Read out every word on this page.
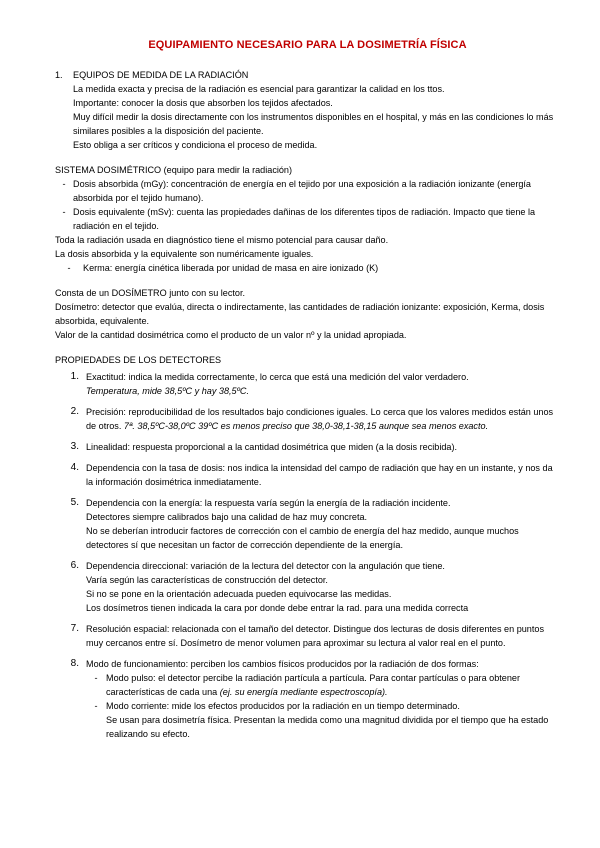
EQUIPAMIENTO NECESARIO PARA LA DOSIMETRÍA FÍSICA
1.	EQUIPOS DE MEDIDA DE LA RADIACIÓN

La medida exacta y precisa de la radiación es esencial para garantizar la calidad en los ttos.

Importante: conocer la dosis que absorben los tejidos afectados.

Muy difícil medir la dosis directamente con los instrumentos disponibles en el hospital, y más en las condiciones lo más similares posibles a la disposición del paciente.

Esto obliga a ser críticos y condiciona el proceso de medida.

SISTEMA DOSIMÉTRICO (equipo para medir la radiación)

- Dosis absorbida (mGy): concentración de energía en el tejido por una exposición a la radiación ionizante (energía absorbida por el tejido humano).
- Dosis equivalente (mSv): cuenta las propiedades dañinas de los diferentes tipos de radiación. Impacto que tiene la radiación en el tejido.

Toda la radiación usada en diagnóstico tiene el mismo potencial para causar daño.

La dosis absorbida y la equivalente son numéricamente iguales.

-	Kerma: energía cinética liberada por unidad de masa en aire ionizado (K)

Consta de un DOSÍMETRO junto con su lector.

Dosímetro: detector que evalúa, directa o indirectamente, las cantidades de radiación ionizante: exposición, Kerma, dosis absorbida, equivalente.

Valor de la cantidad dosimétrica como el producto de un valor nº y la unidad apropiada.

PROPIEDADES DE LOS DETECTORES

1. Exactitud: indica la medida correctamente, lo cerca que está una medición del valor verdadero.
Temperatura, mide 38,5ºC y hay 38,5ºC.
2. Precisión: reproducibilidad de los resultados bajo condiciones iguales. Lo cerca que los valores medidos están unos de otros. 7ª. 38,5ºC-38,0ºC 39ºC es menos preciso que 38,0-38,1-38,15 aunque sea menos exacto.
3. Linealidad: respuesta proporcional a la cantidad dosimétrica que miden (a la dosis recibida).
4. Dependencia con la tasa de dosis: nos indica la intensidad del campo de radiación que hay en un instante, y nos da la información dosimétrica inmediatamente.
5. Dependencia con la energía: la respuesta varía según la energía de la radiación incidente.
Detectores siempre calibrados bajo una calidad de haz muy concreta.
No se deberían introducir factores de corrección con el cambio de energía del haz medido, aunque muchos detectores sí que necesitan un factor de corrección dependiente de la energía.
6. Dependencia direccional: variación de la lectura del detector con la angulación que tiene.
Varía según las características de construcción del detector.
Si no se pone en la orientación adecuada pueden equivocarse las medidas.
Los dosímetros tienen indicada la cara por donde debe entrar la rad. para una medida correcta
7. Resolución espacial: relacionada con el tamaño del detector. Distingue dos lecturas de dosis diferentes en puntos muy cercanos entre sí. Dosímetro de menor volumen para aproximar su lectura al valor real en el punto.
8. Modo de funcionamiento: perciben los cambios físicos producidos por la radiación de dos formas:
- Modo pulso: el detector percibe la radiación partícula a partícula. Para contar partículas o para obtener características de cada una (ej. su energía mediante espectroscopía).
- Modo corriente: mide los efectos producidos por la radiación en un tiempo determinado.
Se usan para dosimetría física. Presentan la medida como una magnitud dividida por el tiempo que ha estado realizando su efecto.
